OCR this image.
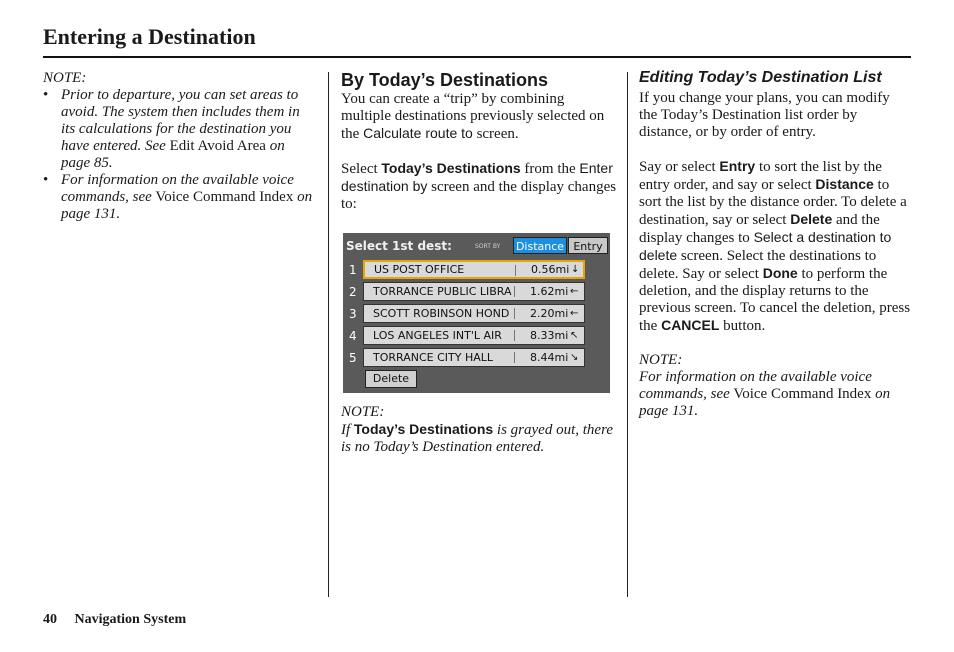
Entering a Destination
NOTE:
• Prior to departure, you can set areas to avoid. The system then includes them in its calculations for the destination you have entered. See Edit Avoid Area on page 85.
• For information on the available voice commands, see Voice Command Index on page 131.
By Today’s Destinations
You can create a “trip” by combining multiple destinations previously selected on the Calculate route to screen.
Select Today’s Destinations from the Enter destination by screen and the display changes to:
Select 1st dest:	SORT BY Distance Entry
1 US POST OFFICE	0.56mi ↓
2 TORRANCE PUBLIC LIBRA 1.62mi ←
3 SCOTT ROBINSON HOND 2.20mi ←
4 LOS ANGELES INT'L AIR	8.33mi ↖
5 TORRANCE CITY HALL	8.44mi ↘
Delete
NOTE:
If Today’s Destinations is grayed out, there is no Today’s Destination entered.
Editing Today’s Destination List
If you change your plans, you can modify the Today’s Destination list order by distance, or by order of entry.
Say or select Entry to sort the list by the entry order, and say or select Distance to sort the list by the distance order. To delete a destination, say or select Delete and the display changes to Select a destination to delete screen. Select the destinations to delete. Say or select Done to perform the deletion, and the display returns to the previous screen. To cancel the deletion, press the CANCEL button.
NOTE:
For information on the available voice commands, see Voice Command Index on page 131.
40 Navigation System
